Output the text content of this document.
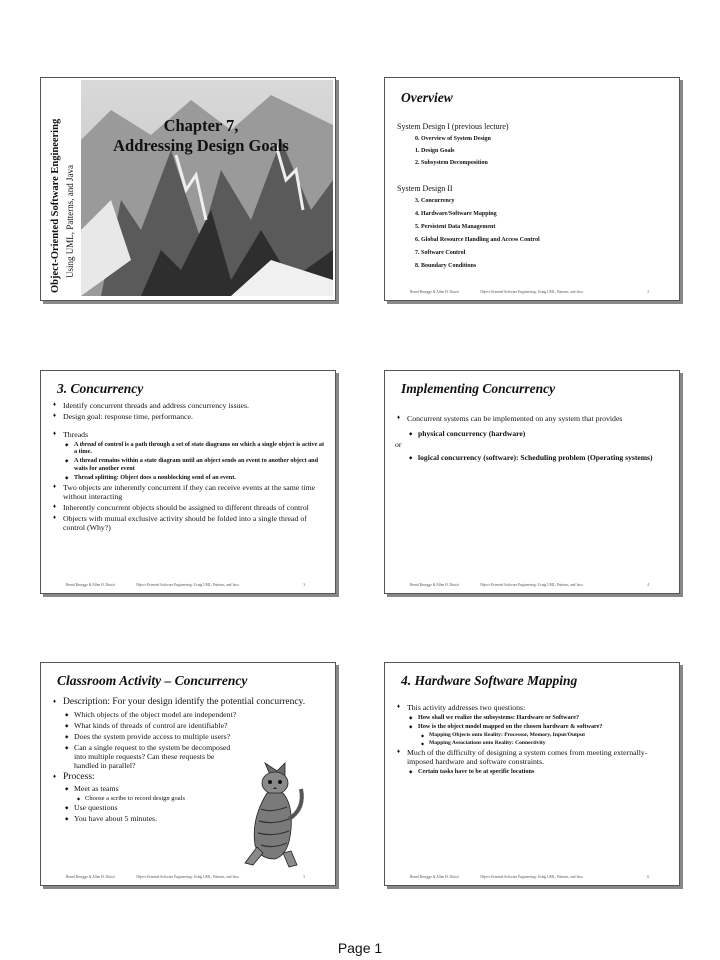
Object-Oriented Software Engineering Using UML, Patterns, and Java
Chapter 7,
Addressing Design Goals
Overview
System Design I (previous lecture)
0. Overview of System Design
1. Design Goals
2. Subsystem Decomposition
System Design II
3. Concurrency
4. Hardware/Software Mapping
5. Persistent Data Management
6. Global Resource Handling and Access Control
7. Software Control
8. Boundary Conditions
Bernd Bruegge & Allen H. Dutoit	Object-Oriented Software Engineering: Using UML, Patterns, and Java	2
3. Concurrency
♦ Identify concurrent threads and address concurrency issues.
♦ Design goal: response time, performance.
♦ Threads
◆ A thread of control is a path through a set of state diagrams on which a single object is active at a time.
◆ A thread remains within a state diagram until an object sends an event to another object and waits for another event
◆ Thread splitting: Object does a nonblocking send of an event.
♦ Two objects are inherently concurrent if they can receive events at the same time without interacting
♦ Inherently concurrent objects should be assigned to different threads of control
♦ Objects with mutual exclusive activity should be folded into a single thread of control (Why?)
Bernd Bruegge & Allen H. Dutoit	Object-Oriented Software Engineering: Using UML, Patterns, and Java	3
Implementing Concurrency
♦ Concurrent systems can be implemented on any system that provides
◆ physical concurrency (hardware)
or
◆ logical concurrency (software): Scheduling problem (Operating systems)
Bernd Bruegge & Allen H. Dutoit	Object-Oriented Software Engineering: Using UML, Patterns, and Java	4
Classroom Activity – Concurrency
♦ Description: For your design identify the potential concurrency.
◆ Which objects of the object model are independent?
◆ What kinds of threads of control are identifiable?
◆ Does the system provide access to multiple users?
◆ Can a single request to the system be decomposed into multiple requests? Can these requests be handled in parallel?
♦ Process:
◆ Meet as teams
◆ Choose a scribe to record design goals
◆ Use questions
◆ You have about 5 minutes.
Bernd Bruegge & Allen H. Dutoit	Object-Oriented Software Engineering: Using UML, Patterns, and Java	5
4. Hardware Software Mapping
♦ This activity addresses two questions:
◆ How shall we realize the subsystems: Hardware or Software?
◆ How is the object model mapped on the chosen hardware & software?
◆ Mapping Objects onto Reality: Processor, Memory, Input/Output
◆ Mapping Associations onto Reality: Connectivity
♦ Much of the difficulty of designing a system comes from meeting externally-imposed hardware and software constraints.
◆ Certain tasks have to be at specific locations
Bernd Bruegge & Allen H. Dutoit	Object-Oriented Software Engineering: Using UML, Patterns, and Java	6
Page 1
